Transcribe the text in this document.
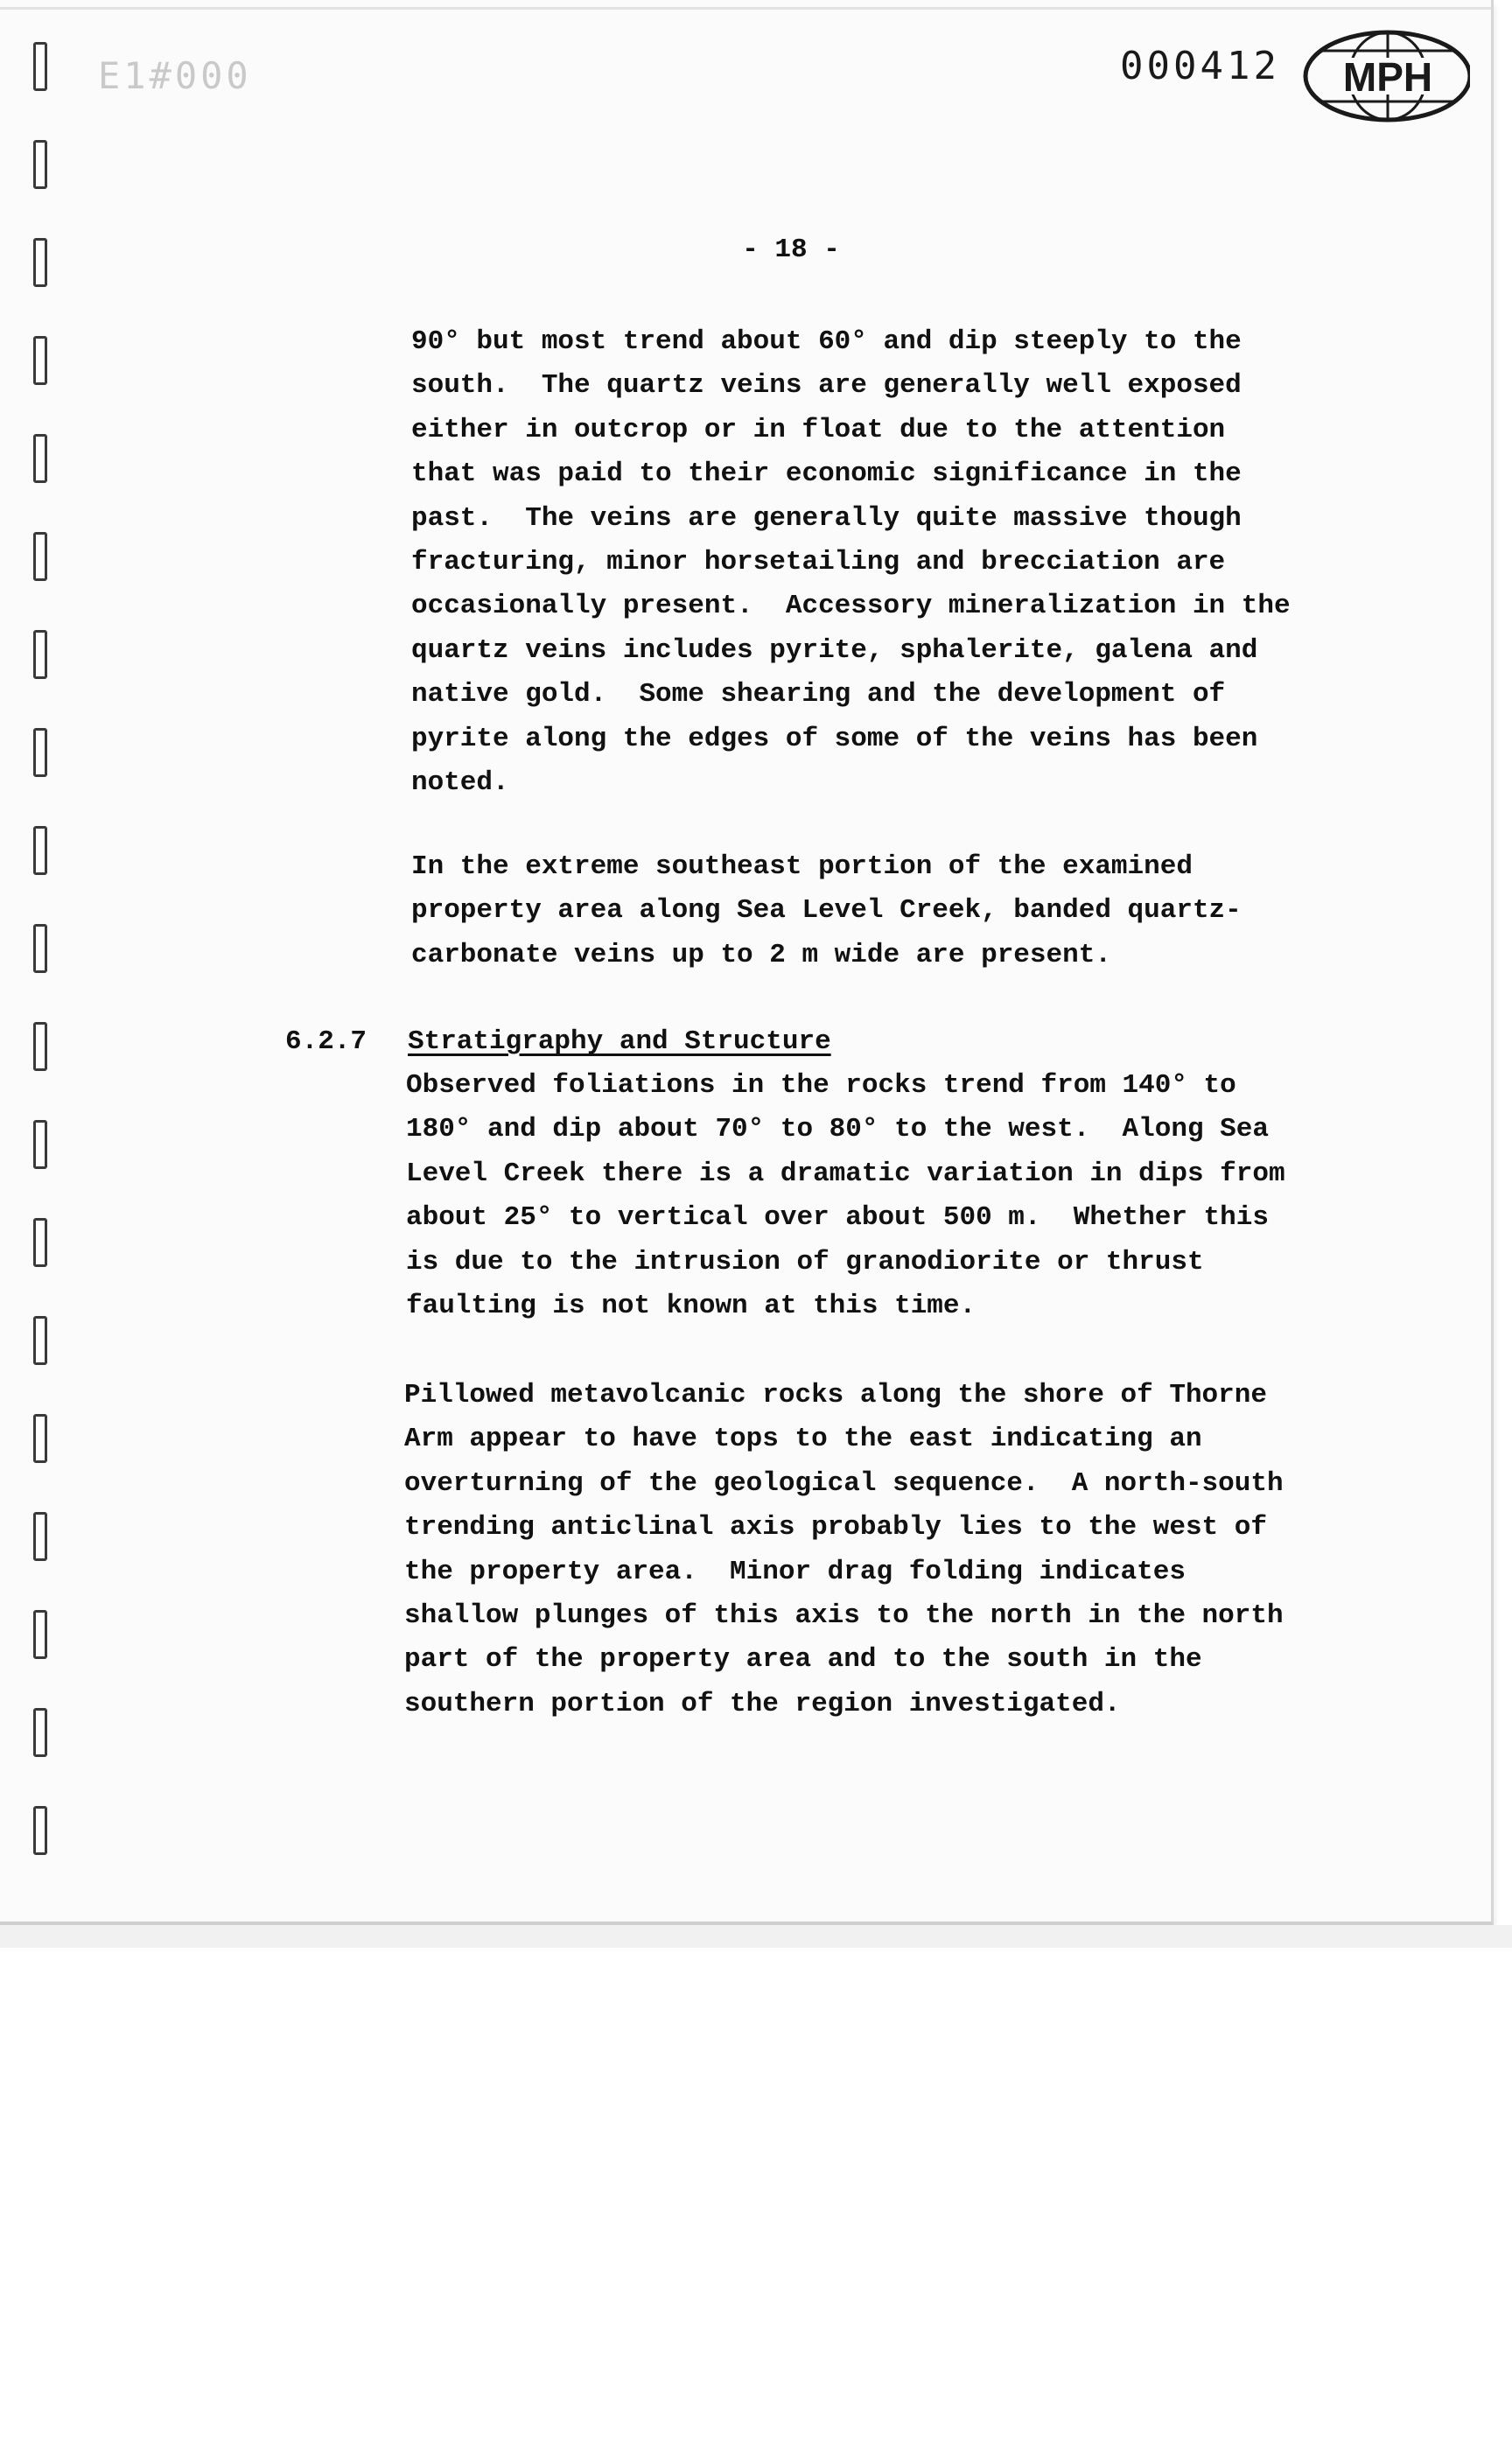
E1#000	000412 MPH
- 18 -

90° but most trend about 60° and dip steeply to the
south.  The quartz veins are generally well exposed
either in outcrop or in float due to the attention
that was paid to their economic significance in the
past.  The veins are generally quite massive though
fracturing, minor horsetailing and brecciation are
occasionally present.  Accessory mineralization in the
quartz veins includes pyrite, sphalerite, galena and
native gold.  Some shearing and the development of
pyrite along the edges of some of the veins has been
noted.

In the extreme southeast portion of the examined
property area along Sea Level Creek, banded quartz-
carbonate veins up to 2 m wide are present.

6.2.7 Stratigraphy and Structure

Observed foliations in the rocks trend from 140° to
180° and dip about 70° to 80° to the west.  Along Sea
Level Creek there is a dramatic variation in dips from
about 25° to vertical over about 500 m.  Whether this
is due to the intrusion of granodiorite or thrust
faulting is not known at this time.

Pillowed metavolcanic rocks along the shore of Thorne
Arm appear to have tops to the east indicating an
overturning of the geological sequence.  A north-south
trending anticlinal axis probably lies to the west of
the property area.  Minor drag folding indicates
shallow plunges of this axis to the north in the north
part of the property area and to the south in the
southern portion of the region investigated.
